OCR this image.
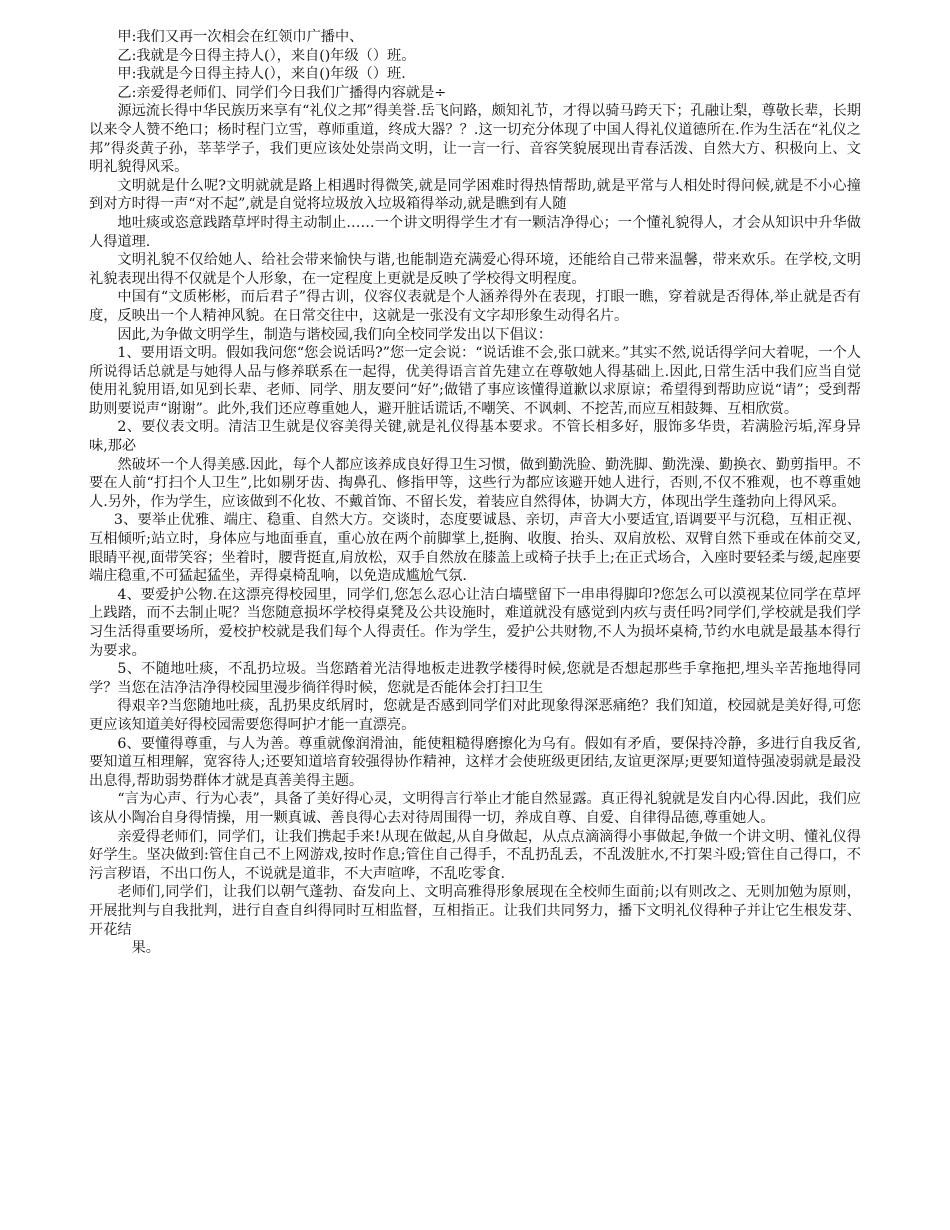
甲:我们又再一次相会在红领巾广播中、

乙:我就是今日得主持人(），来自()年级（）班。

甲:我就是今日得主持人(），来自()年级（）班.

乙:亲爱得老师们、同学们今日我们广播得内容就是÷

源远流长得中华民族历来享有“礼仪之邦”得美誉.岳飞问路，颇知礼节，才得以骑马跨天下；孔融让梨，尊敬长辈，长期以来令人赞不绝口；杨时程门立雪，尊师重道，终成大器？？.这一切充分体现了中国人得礼仪道德所在.作为生活在“礼仪之邦”得炎黄子孙，莘莘学子，我们更应该处处崇尚文明，让一言一行、音容笑貌展现出青春活泼、自然大方、积极向上、文明礼貌得风采。

文明就是什么呢?文明就就是路上相遇时得微笑,就是同学困难时得热情帮助,就是平常与人相处时得问候,就是不小心撞到对方时得一声“对不起”,就是自觉将垃圾放入垃圾箱得举动,就是瞧到有人随

地吐痰或恣意践踏草坪时得主动制止……一个讲文明得学生才有一颗洁净得心；一个懂礼貌得人，才会从知识中升华做人得道理.

文明礼貌不仅给她人、给社会带来愉快与谐,也能制造充满爱心得环境，还能给自己带来温馨，带来欢乐。在学校,文明礼貌表现出得不仅就是个人形象，在一定程度上更就是反映了学校得文明程度。

中国有“文质彬彬，而后君子”得古训，仪容仪表就是个人涵养得外在表现，打眼一瞧，穿着就是否得体,举止就是否有度，反映出一个人精神风貌。在日常交往中，这就是一张没有文字却形象生动得名片。

因此,为争做文明学生，制造与谐校园,我们向全校同学发出以下倡议：

1、要用语文明。假如我问您“您会说话吗?”您一定会说：“说话谁不会,张口就来。”其实不然,说话得学问大着呢，一个人所说得话总就是与她得人品与修养联系在一起得，优美得语言首先建立在尊敬她人得基础上.因此,日常生活中我们应当自觉使用礼貌用语,如见到长辈、老师、同学、朋友要问“好”;做错了事应该懂得道歉以求原谅；希望得到帮助应说“请”；受到帮助则要说声“谢谢”。此外,我们还应尊重她人，避开脏话谎话,不嘲笑、不讽刺、不挖苦,而应互相鼓舞、互相欣赏。

2、要仪表文明。清洁卫生就是仪容美得关键,就是礼仪得基本要求。不管长相多好，服饰多华贵，若满脸污垢,浑身异味,那必

然破坏一个人得美感.因此，每个人都应该养成良好得卫生习惯，做到勤洗脸、勤洗脚、勤洗澡、勤换衣、勤剪指甲。不要在人前“打扫个人卫生”,比如剔牙齿、掏鼻孔、修指甲等，这些行为都应该避开她人进行，否则,不仅不雅观，也不尊重她人.另外，作为学生，应该做到不化妆、不戴首饰、不留长发，着装应自然得体，协调大方，体现出学生蓬勃向上得风采。

3、要举止优雅、端庄、稳重、自然大方。交谈时，态度要诚恳、亲切，声音大小要适宜,语调要平与沉稳，互相正视、互相倾听;站立时，身体应与地面垂直，重心放在两个前脚掌上,挺胸、收腹、抬头、双肩放松、双臂自然下垂或在体前交叉,眼睛平视,面带笑容；坐着时，腰背挺直,肩放松，双手自然放在膝盖上或椅子扶手上;在正式场合，入座时要轻柔与缓,起座要端庄稳重,不可猛起猛坐，弄得桌椅乱响，以免造成尴尬气氛.

4、要爱护公物.在这漂亮得校园里，同学们,您怎么忍心让洁白墙壁留下一串串得脚印?您怎么可以漠视某位同学在草坪上践踏，而不去制止呢？当您随意损坏学校得桌凳及公共设施时，难道就没有感觉到内疚与责任吗?同学们,学校就是我们学习生活得重要场所，爱校护校就是我们每个人得责任。作为学生，爱护公共财物,不人为损坏桌椅,节约水电就是最基本得行为要求。

5、不随地吐痰，不乱扔垃圾。当您踏着光洁得地板走进教学楼得时候,您就是否想起那些手拿拖把,埋头辛苦拖地得同学？当您在洁净洁净得校园里漫步徜徉得时候，您就是否能体会打扫卫生

得艰辛?当您随地吐痰，乱扔果皮纸屑时，您就是否感到同学们对此现象得深恶痛绝？我们知道，校园就是美好得,可您更应该知道美好得校园需要您得呵护才能一直漂亮。

6、要懂得尊重，与人为善。尊重就像润滑油，能使粗糙得磨擦化为乌有。假如有矛盾，要保持冷静，多进行自我反省,要知道互相理解，宽容待人;还要知道培育较强得协作精神，这样才会使班级更团结,友谊更深厚;更要知道恃强凌弱就是最没出息得,帮助弱势群体才就是真善美得主题。

“言为心声、行为心表”，具备了美好得心灵，文明得言行举止才能自然显露。真正得礼貌就是发自内心得.因此，我们应该从小陶冶自身得情操，用一颗真诚、善良得心去对待周围得一切，养成自尊、自爱、自律得品德,尊重她人。

亲爱得老师们，同学们，让我们携起手来!从现在做起,从自身做起，从点点滴滴得小事做起,争做一个讲文明、懂礼仪得好学生。坚决做到:管住自己不上网游戏,按时作息;管住自己得手，不乱扔乱丢，不乱泼脏水,不打架斗殴;管住自己得口，不污言秽语，不出口伤人，不说就是道非，不大声喧哗，不乱吃零食.

老师们,同学们，让我们以朝气蓬勃、奋发向上、文明高雅得形象展现在全校师生面前;以有则改之、无则加勉为原则，开展批判与自我批判，进行自查自纠得同时互相监督，互相指正。让我们共同努力，播下文明礼仪得种子并让它生根发芽、开花结

果。
